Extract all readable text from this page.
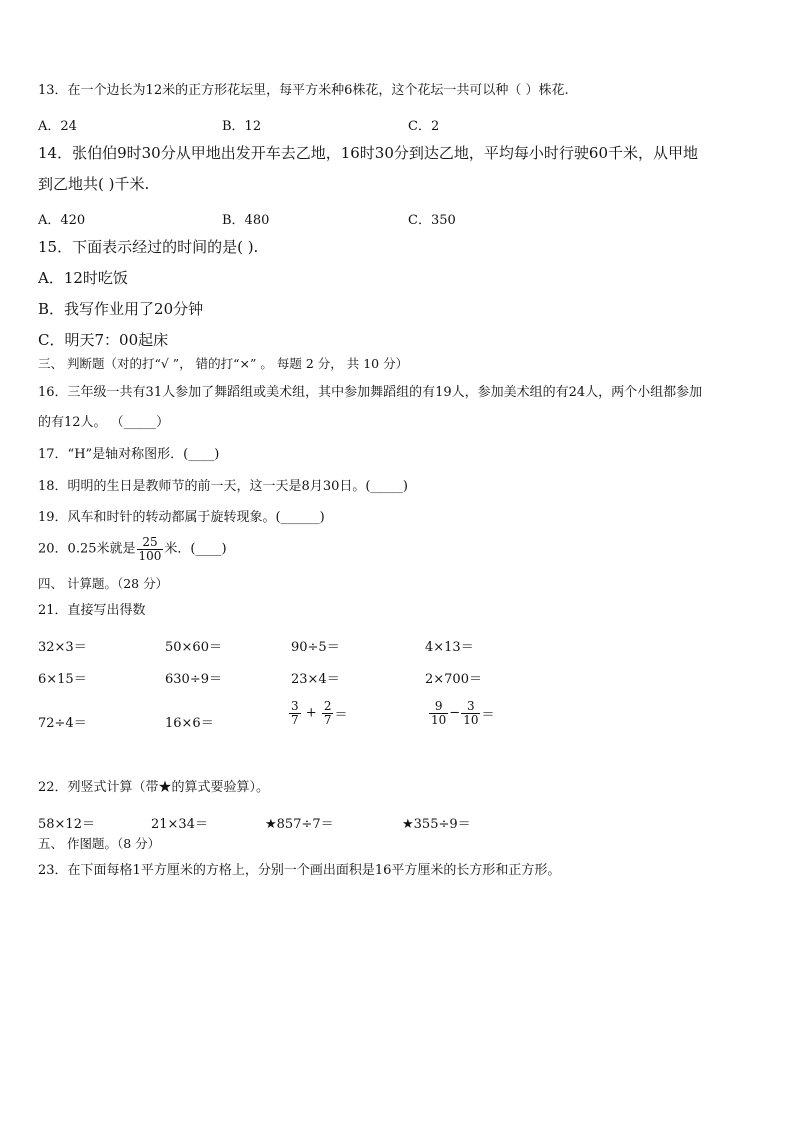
13．在一个边长为12米的正方形花坛里，每平方米种6株花，这个花坛一共可以种（ ）株花.
A．24	B．12	C．2
14．张伯伯9时30分从甲地出发开车去乙地，16时30分到达乙地，平均每小时行驶60千米，从甲地
到乙地共( )千米.
A．420	B．480	C．350
15．下面表示经过的时间的是( ).
A．12时吃饭
B．我写作业用了20分钟
C．明天7：00起床
三、 判断题（对的打“√ ”， 错的打“×” 。 每题 2 分， 共 10 分）
16．三年级一共有31人参加了舞蹈组或美术组，其中参加舞蹈组的有19人，参加美术组的有24人，两个小组都参加
的有12人。 （_____）
17．“H”是轴对称图形．(____)
18．明明的生日是教师节的前一天，这一天是8月30日。(_____)
19．风车和时针的转动都属于旋转现象。(______)
20．0.25米就是 $\frac{25}{100}$ 米．(____)
四、 计算题。（28 分）
21．直接写出得数
32×3＝	50×60＝	90÷5＝	4×13＝
6×15＝	630÷9＝	23×4＝	2×700＝
72÷4＝	16×6＝	$\frac{3}{7} + \frac{2}{7}$ ＝	$\frac{9}{10} - \frac{3}{10}$ ＝
22．列竖式计算（带★的算式要验算）。
58×12＝	21×34＝	★857÷7＝	★355÷9＝
五、 作图题。（8 分）
23．在下面每格1平方厘米的方格上，分别一个画出面积是16平方厘米的长方形和正方形。
